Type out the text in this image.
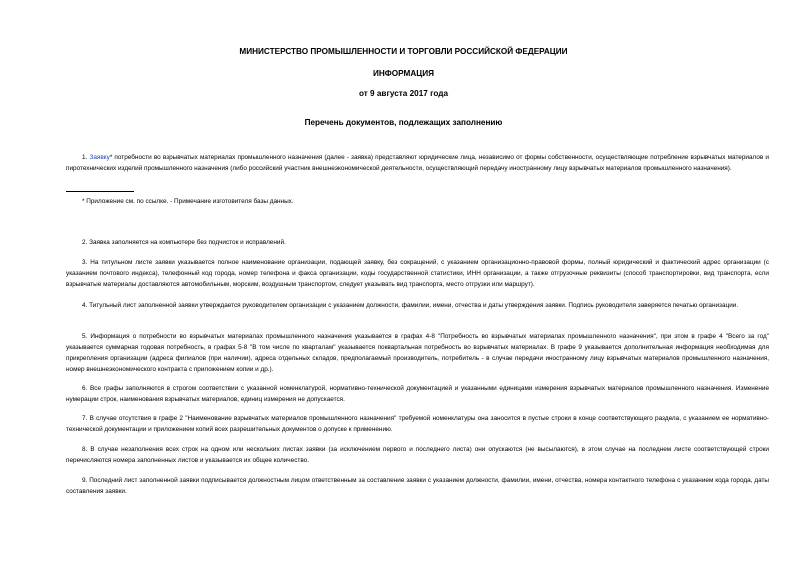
МИНИСТЕРСТВО ПРОМЫШЛЕННОСТИ И ТОРГОВЛИ РОССИЙСКОЙ ФЕДЕРАЦИИ
ИНФОРМАЦИЯ
от 9 августа 2017 года
Перечень документов, подлежащих заполнению
1. Заявку* потребности во взрывчатых материалах промышленного назначения (далее - заявка) представляют юридические лица, независимо от формы собственности, осуществляющие потребление взрывчатых материалов и пиротехнических изделий промышленного назначения (либо российский участник внешнеэкономической деятельности, осуществляющий передачу иностранному лицу взрывчатых материалов промышленного назначения).
* Приложение см. по ссылке. - Примечание изготовителя базы данных.
2. Заявка заполняется на компьютере без подчисток и исправлений.
3. На титульном листе заявки указывается полное наименование организации, подающей заявку, без сокращений, с указанием организационно-правовой формы, полный юридический и фактический адрес организации (с указанием почтового индекса), телефонный код города, номер телефона и факса организации, коды государственной статистики, ИНН организации, а также отгрузочные реквизиты (способ транспортировки, вид транспорта, если взрывчатые материалы доставляются автомобильным, морским, воздушным транспортом, следует указывать вид транспорта, место отгрузки или маршрут).
4. Титульный лист заполненной заявки утверждается руководителем организации с указанием должности, фамилии, имени, отчества и даты утверждения заявки. Подпись руководителя заверяется печатью организации.
5. Информация о потребности во взрывчатых материалах промышленного назначения указывается в графах 4-8 "Потребность во взрывчатых материалах промышленного назначения", при этом в графе 4 "Всего за год" указывается суммарная годовая потребность, в графах 5-8 "В том числе по кварталам" указывается поквартальная потребность во взрывчатых материалах. В графе 9 указывается дополнительная информация необходимая для прикрепления организации (адреса филиалов (при наличии), адреса отдельных складов, предполагаемый производитель, потребитель - в случае передачи иностранному лицу взрывчатых материалов промышленного назначения, номер внешнеэкономического контракта с приложением копии и др.).
6. Все графы заполняются в строгом соответствии с указанной номенклатурой, нормативно-технической документацией и указанными единицами измерения взрывчатых материалов промышленного назначения. Изменение нумерации строк, наименования взрывчатых материалов, единиц измерения не допускается.
7. В случае отсутствия в графе 2 "Наименование взрывчатых материалов промышленного назначения" требуемой номенклатуры она заносится в пустые строки в конце соответствующего раздела, с указанием ее нормативно-технической документации и приложением копий всех разрешительных документов о допуске к применению.
8. В случае незаполнения всех строк на одном или нескольких листах заявки (за исключением первого и последнего листа) они опускаются (не высылаются), в этом случае на последнем листе соответствующей строки перечисляются номера заполненных листов и указывается их общее количество.
9. Последний лист заполненной заявки подписывается должностным лицом ответственным за составление заявки с указанием должности, фамилии, имени, отчества, номера контактного телефона с указанием кода города, даты составления заявки.
